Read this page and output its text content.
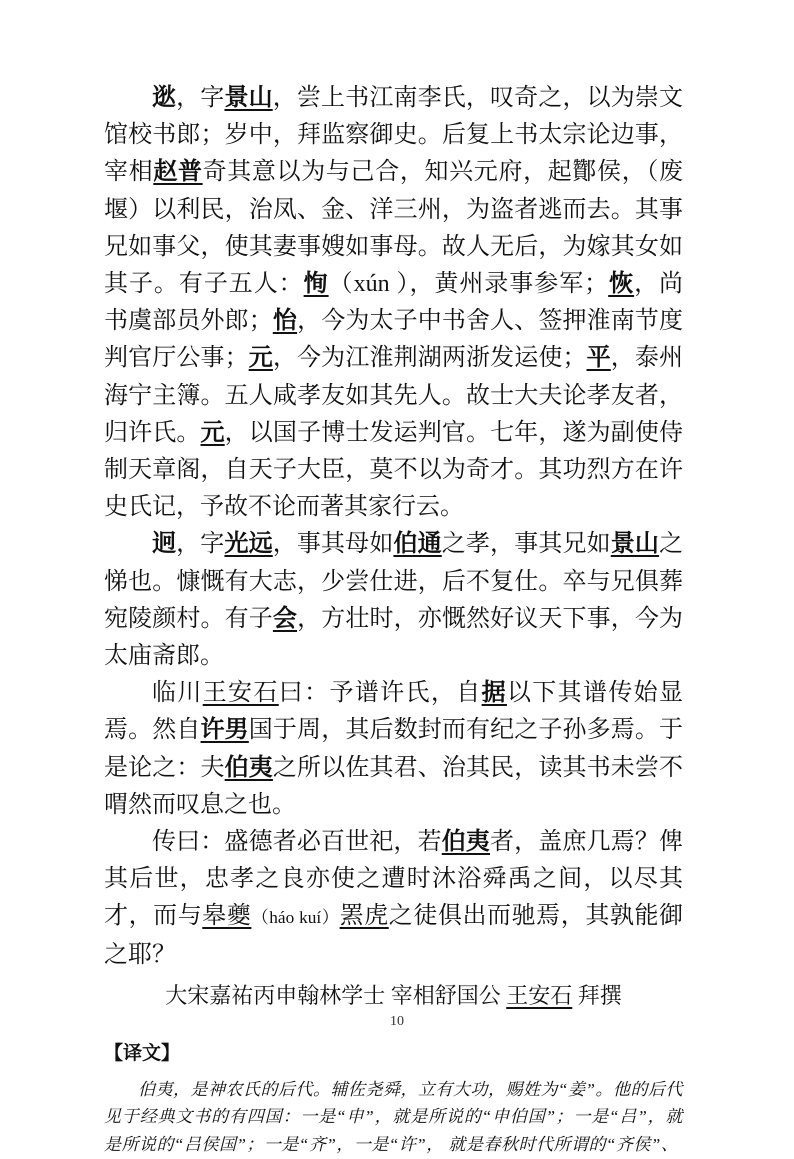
逖，字景山，尝上书江南李氏，叹奇之，以为崇文馆校书郎；岁中，拜监察御史。后复上书太宗论边事，宰相赵普奇其意以为与己合，知兴元府，起酇侯，（废堰）以利民，治凤、金、洋三州，为盗者逃而去。其事兄如事父，使其妻事嫂如事母。故人无后，为嫁其女如其子。有子五人：恂（xún ），黄州录事参军；恢，尚书虞部员外郎；怡，今为太子中书舍人、签押淮南节度判官厅公事；元，今为江淮荆湖两浙发运使；平，泰州海宁主簿。五人咸孝友如其先人。故士大夫论孝友者，归许氏。元，以国子博士发运判官。七年，遂为副使侍制天章阁，自天子大臣，莫不以为奇才。其功烈方在许史氏记，予故不论而著其家行云。

迥，字光远，事其母如伯通之孝，事其兄如景山之悌也。慷慨有大志，少尝仕进，后不复仕。卒与兄俱葬宛陵颜村。有子会，方壮时，亦慨然好议天下事，今为太庙斋郎。

临川王安石曰：予谱许氏，自据以下其谱传始显焉。然自许男国于周，其后数封而有纪之子孙多焉。于是论之：夫伯夷之所以佐其君、治其民，读其书未尝不喟然而叹息之也。

传曰：盛德者必百世祀，若伯夷者，盖庶几焉？俾其后世，忠孝之良亦使之遭时沐浴舜禹之间，以尽其才，而与皋夔（háo kuí）罴虎之徒俱出而驰焉，其孰能御之耶？

大宋嘉祐丙申翰林学士 宰相舒国公 王安石 拜撰

【译文】

伯夷，是神农氏的后代。辅佐尧舜，立有大功，赐姓为“姜”。他的后代见于经典文书的有四国：一是“申”，就是所说的“申伯国”；一是“吕”，就是所说的“吕侯国”；一是“齐”，一是“许”， 就是春秋时代所谓的“齐侯”、

10
